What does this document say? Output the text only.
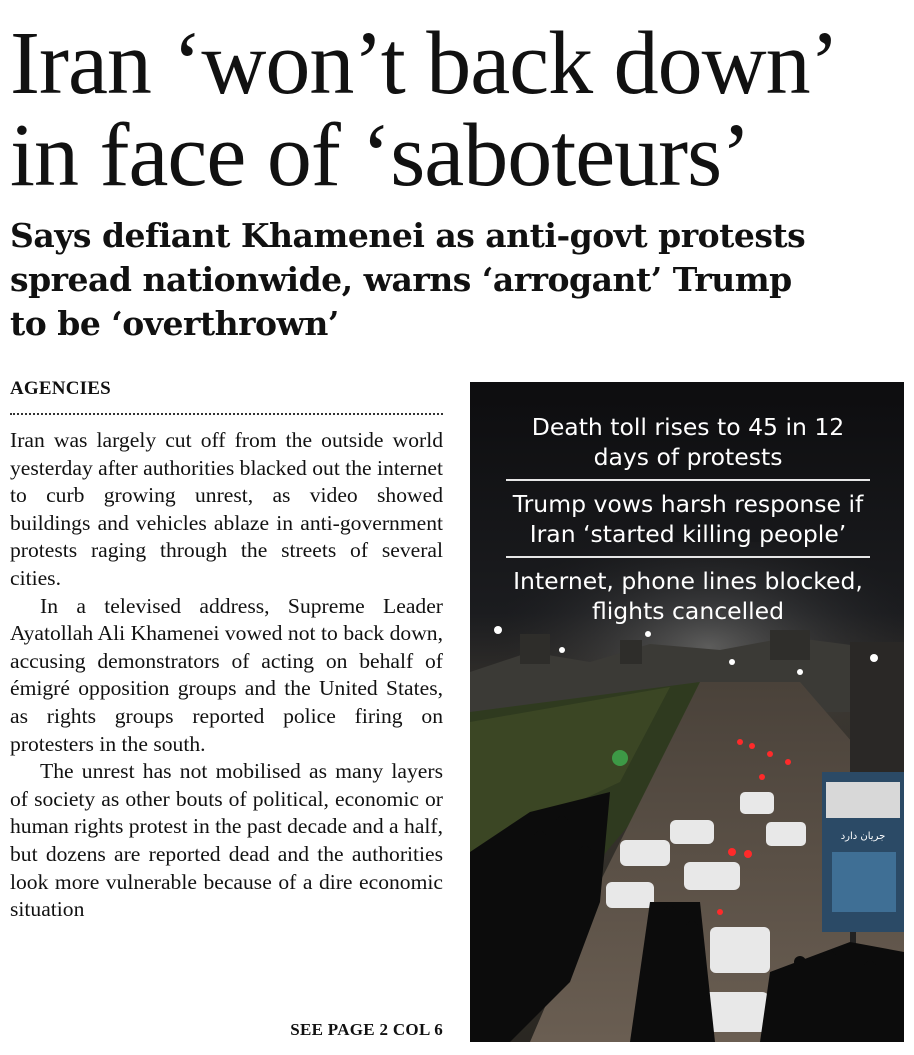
Iran ‘won’t back down’
in face of ‘saboteurs’
Says defiant Khamenei as anti-govt protests
spread nationwide, warns ‘arrogant’ Trump
to be ‘overthrown’
AGENCIES

Iran was largely cut off from the outside world yesterday after authorities blacked out the internet to curb growing unrest, as video showed buildings and vehicles ablaze in anti-government protests raging through the streets of several cities.

In a televised address, Supreme Leader Ayatollah Ali Khamenei vowed not to back down, accusing demonstrators of acting on behalf of émigré opposition groups and the United States, as rights groups reported police firing on protesters in the south.

The unrest has not mobilised as many layers of society as other bouts of political, economic or human rights protest in the past decade and a half, but dozens are reported dead and the authorities look more vulnerable because of a dire economic situation

SEE PAGE 2 COL 6
جریان دارد
Death toll rises to 45 in 12 days of protests
Trump vows harsh response if Iran ‘started killing people’
Internet, phone lines blocked, flights cancelled
